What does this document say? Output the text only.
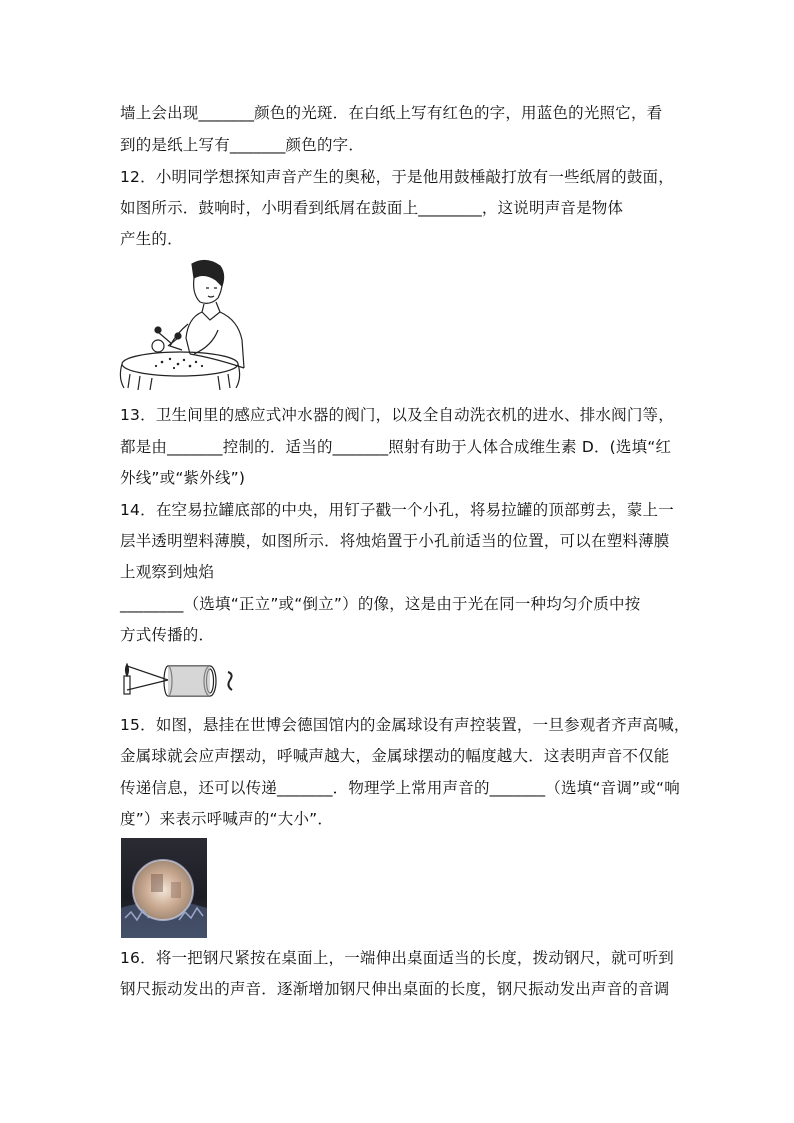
墙上会出现_______颜色的光斑．在白纸上写有红色的字，用蓝色的光照它，看
到的是纸上写有_______颜色的字．
12．小明同学想探知声音产生的奥秘，于是他用鼓棰敲打放有一些纸屑的鼓面，
如图所示．鼓响时，小明看到纸屑在鼓面上________，这说明声音是物体
产生的．
13．卫生间里的感应式冲水器的阀门，以及全自动洗衣机的进水、排水阀门等，
都是由_______控制的．适当的_______照射有助于人体合成维生素 D．(选填“红
外线”或“紫外线”)
14．在空易拉罐底部的中央，用钉子戳一个小孔，将易拉罐的顶部剪去，蒙上一
层半透明塑料薄膜，如图所示．将烛焰置于小孔前适当的位置，可以在塑料薄膜
上观察到烛焰
________（选填“正立”或“倒立”）的像，这是由于光在同一种均匀介质中按
方式传播的．
15．如图，悬挂在世博会德国馆内的金属球设有声控装置，一旦参观者齐声高喊，
金属球就会应声摆动，呼喊声越大，金属球摆动的幅度越大．这表明声音不仅能
传递信息，还可以传递_______．物理学上常用声音的_______（选填“音调”或“响
度”）来表示呼喊声的“大小”．
16．将一把钢尺紧按在桌面上，一端伸出桌面适当的长度，拨动钢尺，就可听到
钢尺振动发出的声音．逐渐增加钢尺伸出桌面的长度，钢尺振动发出声音的音调
